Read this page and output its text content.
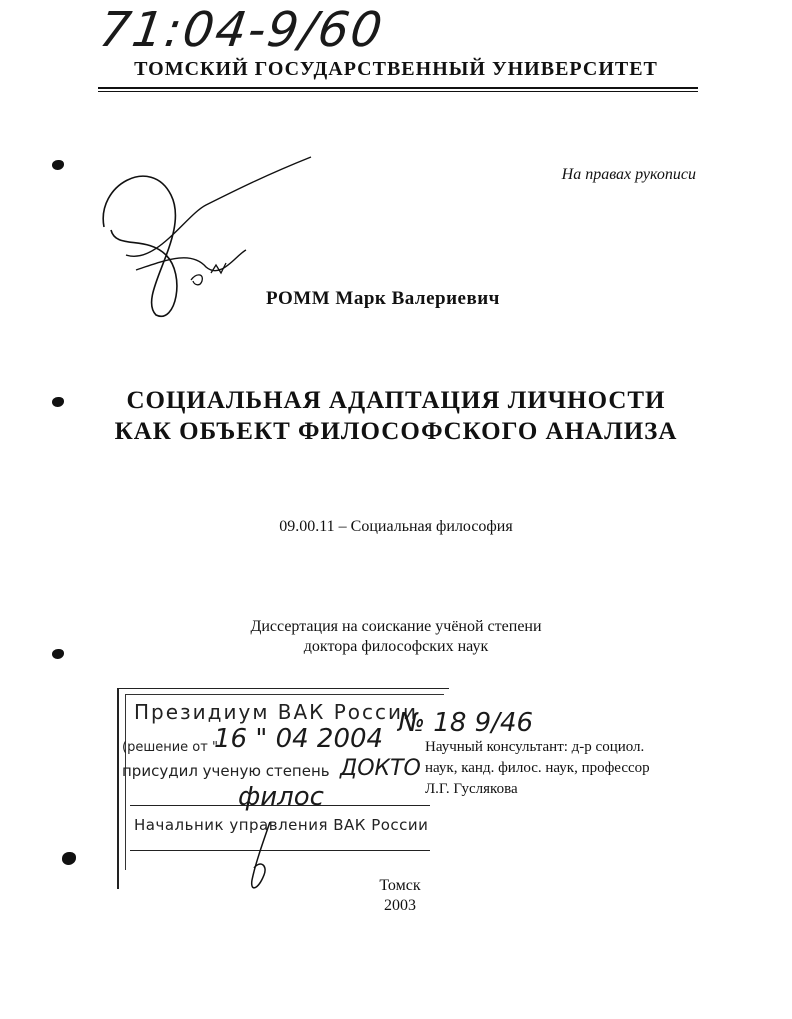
71:04-9/60
ТОМСКИЙ ГОСУДАРСТВЕННЫЙ УНИВЕРСИТЕТ
На правах рукописи
РОММ Марк Валериевич
СОЦИАЛЬНАЯ АДАПТАЦИЯ ЛИЧНОСТИ
КАК ОБЪЕКТ ФИЛОСОФСКОГО АНАЛИЗА
09.00.11 – Социальная философия
Диссертация на соискание учёной степени
доктора философских наук
Президиум ВАК России
(решение от "
присудил ученую степень
Начальник управления ВАК России
16 " 04 2004
№ 18 9/46
ДОКТО
филос
Научный консультант: д-р социол.
наук, канд. филос. наук, профессор
Л.Г. Гуслякова
Томск
2003
